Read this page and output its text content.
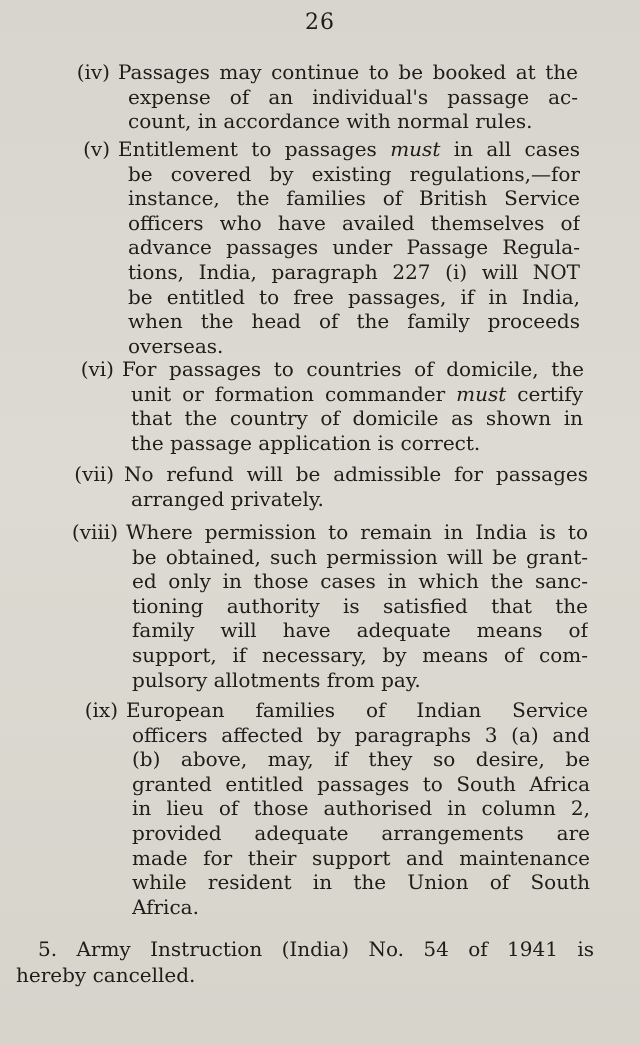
26
(iv) Passages may continue to be booked at the
expense of an individual's passage ac-
count, in accordance with normal rules.
(v) Entitlement to passages must in all cases
be covered by existing regulations,—for
instance, the families of British Service
officers who have availed themselves of
advance passages under Passage Regula-
tions, India, paragraph 227 (i) will NOT
be entitled to free passages, if in India,
when the head of the family proceeds
overseas.
(vi) For passages to countries of domicile, the
unit or formation commander must certify
that the country of domicile as shown in
the passage application is correct.
(vii) No refund will be admissible for passages
arranged privately.
(viii) Where permission to remain in India is to
be obtained, such permission will be grant-
ed only in those cases in which the sanc-
tioning authority is satisfied that the
family will have adequate means of
support, if necessary, by means of com-
pulsory allotments from pay.
(ix) European families of Indian Service
officers affected by paragraphs 3 (a) and
(b) above, may, if they so desire, be
granted entitled passages to South Africa
in lieu of those authorised in column 2,
provided adequate arrangements are
made for their support and maintenance
while resident in the Union of South
Africa.
5. Army Instruction (India) No. 54 of 1941 is
hereby cancelled.
